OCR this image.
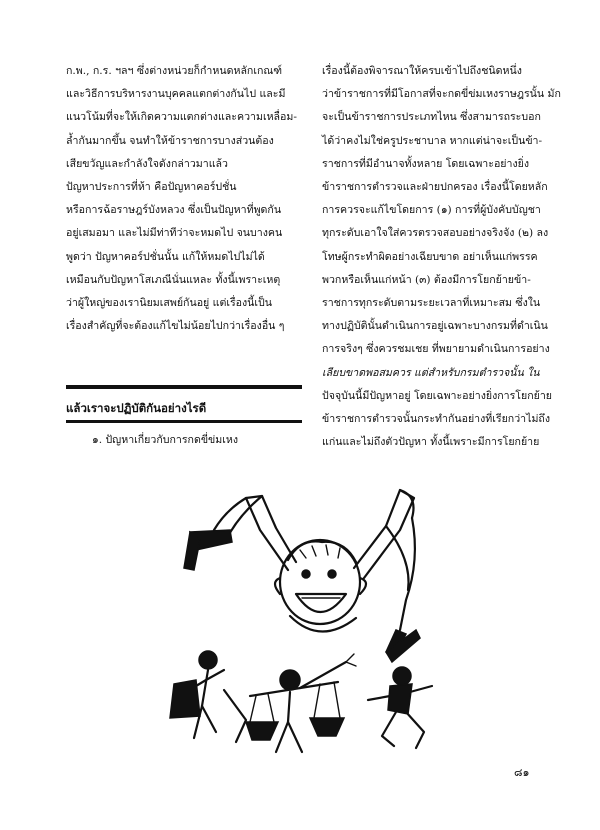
ก.พ., ก.ร. ฯลฯ ซึ่งต่างหน่วยก็กำหนดหลักเกณฑ์
และวิธีการบริหารงานบุคคลแตกต่างกันไป และมี
แนวโน้มที่จะให้เกิดความแตกต่างและความเหลื่อม-
ล้ำกันมากขึ้น จนทำให้ข้าราชการบางส่วนต้อง
เสียขวัญและกำลังใจดังกล่าวมาแล้ว
ปัญหาประการที่ห้า คือปัญหาคอร์ปชั่น
หรือการฉ้อราษฎร์บังหลวง ซึ่งเป็นปัญหาที่พูดกัน
อยู่เสมอมา และไม่มีท่าทีว่าจะหมดไป จนบางคน
พูดว่า ปัญหาคอร์ปชั่นนั้น แก้ให้หมดไปไม่ได้
เหมือนกับปัญหาโสเภณีนั่นแหละ ทั้งนี้เพราะเหตุ
ว่าผู้ใหญ่ของเรานิยมเสพย์กันอยู่ แต่เรื่องนี้เป็น
เรื่องสำคัญที่จะต้องแก้ไขไม่น้อยไปกว่าเรื่องอื่น ๆ
แล้วเราจะปฏิบัติกันอย่างไรดี
๑. ปัญหาเกี่ยวกับการกดขี่ข่มเหง
เรื่องนี้ต้องพิจารณาให้ครบเข้าไปถึงชนิดหนึ่ง
ว่าข้าราชการที่มีโอกาสที่จะกดขี่ข่มเหงราษฎรนั้น มัก
จะเป็นข้าราชการประเภทไหน ซึ่งสามารถระบอก
ได้ว่าคงไม่ใช่ครูประชาบาล หากแต่น่าจะเป็นข้า-
ราชการที่มีอำนาจทั้งหลาย โดยเฉพาะอย่างยิ่ง
ข้าราชการตำรวจและฝ่ายปกครอง เรื่องนี้โดยหลัก
การควรจะแก้ไขโดยการ (๑) การที่ผู้บังคับบัญชา
ทุกระดับเอาใจใส่ควรตรวจสอบอย่างจริงจัง (๒) ลง
โทษผู้กระทำผิดอย่างเฉียบขาด อย่าเห็นแก่พรรค
พวกหรือเห็นแก่หน้า (๓) ต้องมีการโยกย้ายข้า-
ราชการทุกระดับตามระยะเวลาที่เหมาะสม ซึ่งใน
ทางปฏิบัตินั้นดำเนินการอยู่เฉพาะบางกรมที่ดำเนิน
การจริงๆ ซึ่งควรชมเชย ที่พยายามดำเนินการอย่าง
เลียบขาดพอสมควร แต่สำหรับกรมตำรวจนั้น ใน
ปัจจุบันนี้มีปัญหาอยู่ โดยเฉพาะอย่างยิ่งการโยกย้าย
ข้าราชการตำรวจนั้นกระทำกันอย่างที่เรียกว่าไม่ถึง
แก่นและไม่ถึงตัวปัญหา ทั้งนี้เพราะมีการโยกย้าย
๘๑
